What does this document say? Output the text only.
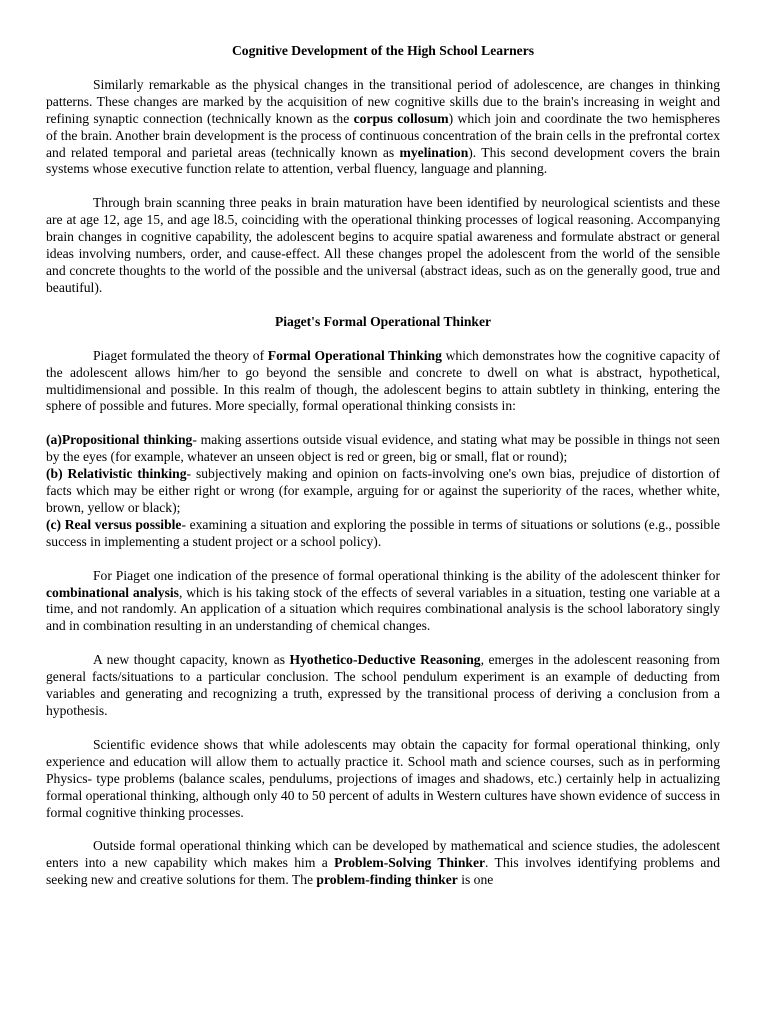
Cognitive Development of the High School Learners

Similarly remarkable as the physical changes in the transitional period of adolescence, are changes in thinking patterns. These changes are marked by the acquisition of new cognitive skills due to the brain's increasing in weight and refining synaptic connection (technically known as the corpus collosum) which join and coordinate the two hemispheres of the brain. Another brain development is the process of continuous concentration of the brain cells in the prefrontal cortex and related temporal and parietal areas (technically known as myelination). This second development covers the brain systems whose executive function relate to attention, verbal fluency, language and planning.

Through brain scanning three peaks in brain maturation have been identified by neurological scientists and these are at age 12, age 15, and age l8.5, coinciding with the operational thinking processes of logical reasoning. Accompanying brain changes in cognitive capability, the adolescent begins to acquire spatial awareness and formulate abstract or general ideas involving numbers, order, and cause-effect. All these changes propel the adolescent from the world of the sensible and concrete thoughts to the world of the possible and the universal (abstract ideas, such as on the generally good, true and beautiful).

Piaget's Formal Operational Thinker

Piaget formulated the theory of Formal Operational Thinking which demonstrates how the cognitive capacity of the adolescent allows him/her to go beyond the sensible and concrete to dwell on what is abstract, hypothetical, multidimensional and possible. In this realm of though, the adolescent begins to attain subtlety in thinking, entering the sphere of possible and futures. More specially, formal operational thinking consists in:

(a)Propositional thinking- making assertions outside visual evidence, and stating what may be possible in things not seen by the eyes (for example, whatever an unseen object is red or green, big or small, flat or round);

(b) Relativistic thinking- subjectively making and opinion on facts-involving one's own bias, prejudice of distortion of facts which may be either right or wrong (for example, arguing for or against the superiority of the races, whether white, brown, yellow or black);

(c) Real versus possible- examining a situation and exploring the possible in terms of situations or solutions (e.g., possible success in implementing a student project or a school policy).

For Piaget one indication of the presence of formal operational thinking is the ability of the adolescent thinker for combinational analysis, which is his taking stock of the effects of several variables in a situation, testing one variable at a time, and not randomly. An application of a situation which requires combinational analysis is the school laboratory singly and in combination resulting in an understanding of chemical changes.

A new thought capacity, known as Hyothetico-Deductive Reasoning, emerges in the adolescent reasoning from general facts/situations to a particular conclusion. The school pendulum experiment is an example of deducting from variables and generating and recognizing a truth, expressed by the transitional process of deriving a conclusion from a hypothesis.

Scientific evidence shows that while adolescents may obtain the capacity for formal operational thinking, only experience and education will allow them to actually practice it. School math and science courses, such as in performing Physics- type problems (balance scales, pendulums, projections of images and shadows, etc.) certainly help in actualizing formal operational thinking, although only 40 to 50 percent of adults in Western cultures have shown evidence of success in formal cognitive thinking processes.

Outside formal operational thinking which can be developed by mathematical and science studies, the adolescent enters into a new capability which makes him a Problem-Solving Thinker. This involves identifying problems and seeking new and creative solutions for them. The problem-finding thinker is one
